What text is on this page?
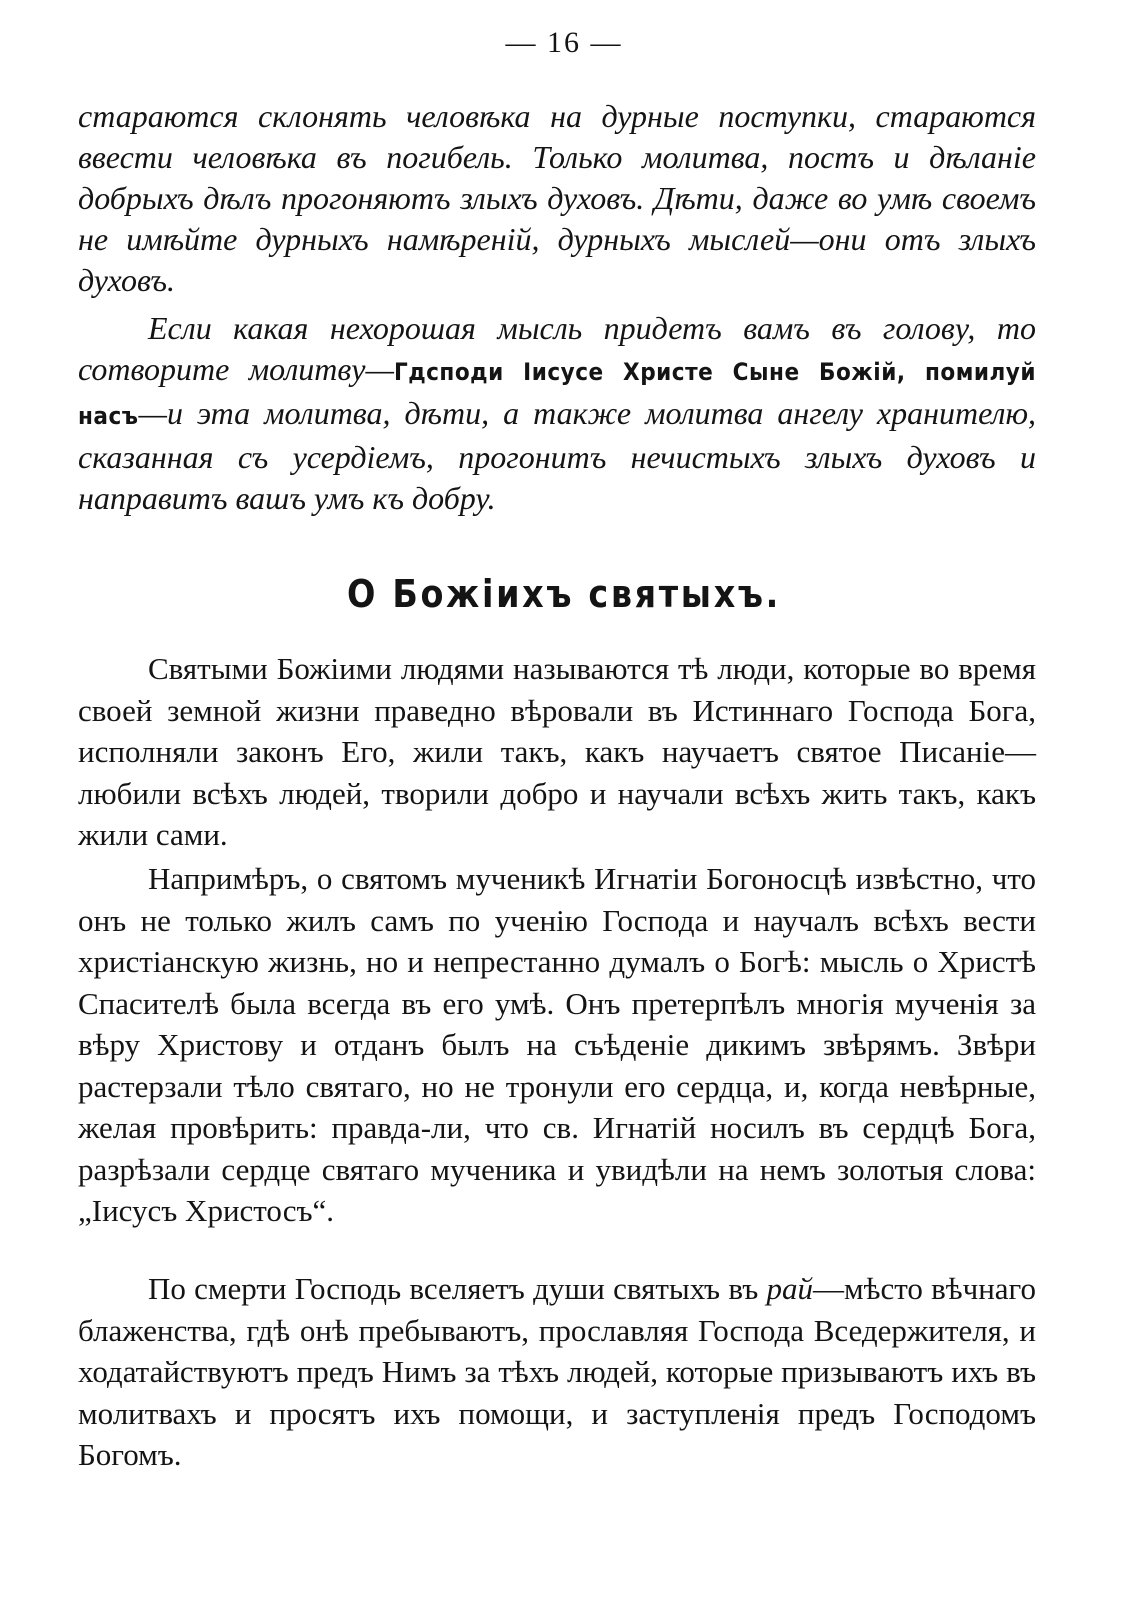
— 16 —

стараются склонять человѣка на дурные поступки, стараются ввести человѣка въ погибель. Только молитва, постъ и дѣланіе добрыхъ дѣлъ прогоняютъ злыхъ духовъ. Дѣти, даже во умѣ своемъ не имѣйте дурныхъ намѣреній, дурныхъ мыслей—они отъ злыхъ духовъ.

Если какая нехорошая мысль придетъ вамъ въ голову, то сотворите молитву—Гдсподи Іисусе Христе Сыне Божій, помилуй насъ—и эта молитва, дѣти, а также молитва ангелу хранителю, сказанная съ усердіемъ, прогонитъ нечистыхъ злыхъ духовъ и направитъ вашъ умъ къ добру.

О Божіихъ святыхъ.

Святыми Божіими людями называются тѣ люди, которые во время своей земной жизни праведно вѣровали въ Истиннаго Господа Бога, исполняли законъ Его, жили такъ, какъ научаетъ святое Писаніе—любили всѣхъ людей, творили добро и научали всѣхъ жить такъ, какъ жили сами.

Напримѣръ, о святомъ мученикѣ Игнатіи Богоносцѣ извѣстно, что онъ не только жилъ самъ по ученію Господа и научалъ всѣхъ вести христіанскую жизнь, но и непрестанно думалъ о Богѣ: мысль о Христѣ Спасителѣ была всегда въ его умѣ. Онъ претерпѣлъ многія мученія за вѣру Христову и отданъ былъ на съѣденіе дикимъ звѣрямъ. Звѣри растерзали тѣло святаго, но не тронули его сердца, и, когда невѣрные, желая провѣрить: правда-ли, что св. Игнатій носилъ въ сердцѣ Бога, разрѣзали сердце святаго мученика и увидѣли на немъ золотыя слова: „Іисусъ Христосъ“.

По смерти Господь вселяетъ души святыхъ въ рай—мѣсто вѣчнаго блаженства, гдѣ онѣ пребываютъ, прославляя Господа Вседержителя, и ходатайствуютъ предъ Нимъ за тѣхъ людей, которые призываютъ ихъ въ молитвахъ и просятъ ихъ помощи, и заступленія предъ Господомъ Богомъ.
